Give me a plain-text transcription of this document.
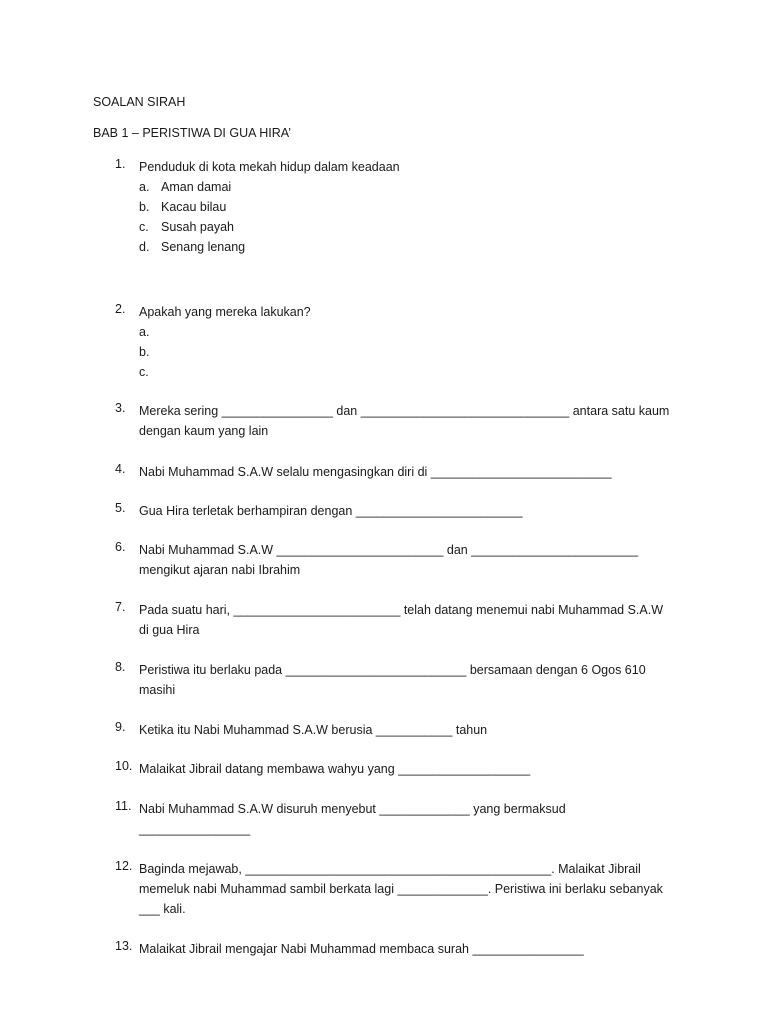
SOALAN SIRAH
BAB 1 – PERISTIWA DI GUA HIRA’
1.	Penduduk di kota mekah hidup dalam keadaan
a. Aman damai
b. Kacau bilau
c. Susah payah
d. Senang lenang
2.	Apakah yang mereka lakukan?
a.
b.
c.
3.	Mereka sering ________________ dan ______________________________ antara satu kaum dengan kaum yang lain
4.	Nabi Muhammad S.A.W selalu mengasingkan diri di __________________________
5.	Gua Hira terletak berhampiran dengan ________________________
6.	Nabi Muhammad S.A.W ________________________ dan ________________________ mengikut ajaran nabi Ibrahim
7.	Pada suatu hari, ________________________ telah datang menemui nabi Muhammad S.A.W di gua Hira
8.	Peristiwa itu berlaku pada __________________________ bersamaan dengan 6 Ogos 610 masihi
9.	Ketika itu Nabi Muhammad S.A.W berusia ___________ tahun
10. Malaikat Jibrail datang membawa wahyu yang ___________________
11. Nabi Muhammad S.A.W disuruh menyebut _____________ yang bermaksud ________________
12. Baginda mejawab, ____________________________________________. Malaikat Jibrail memeluk nabi Muhammad sambil berkata lagi _____________. Peristiwa ini berlaku sebanyak ___ kali.
13. Malaikat Jibrail mengajar Nabi Muhammad membaca surah ________________
